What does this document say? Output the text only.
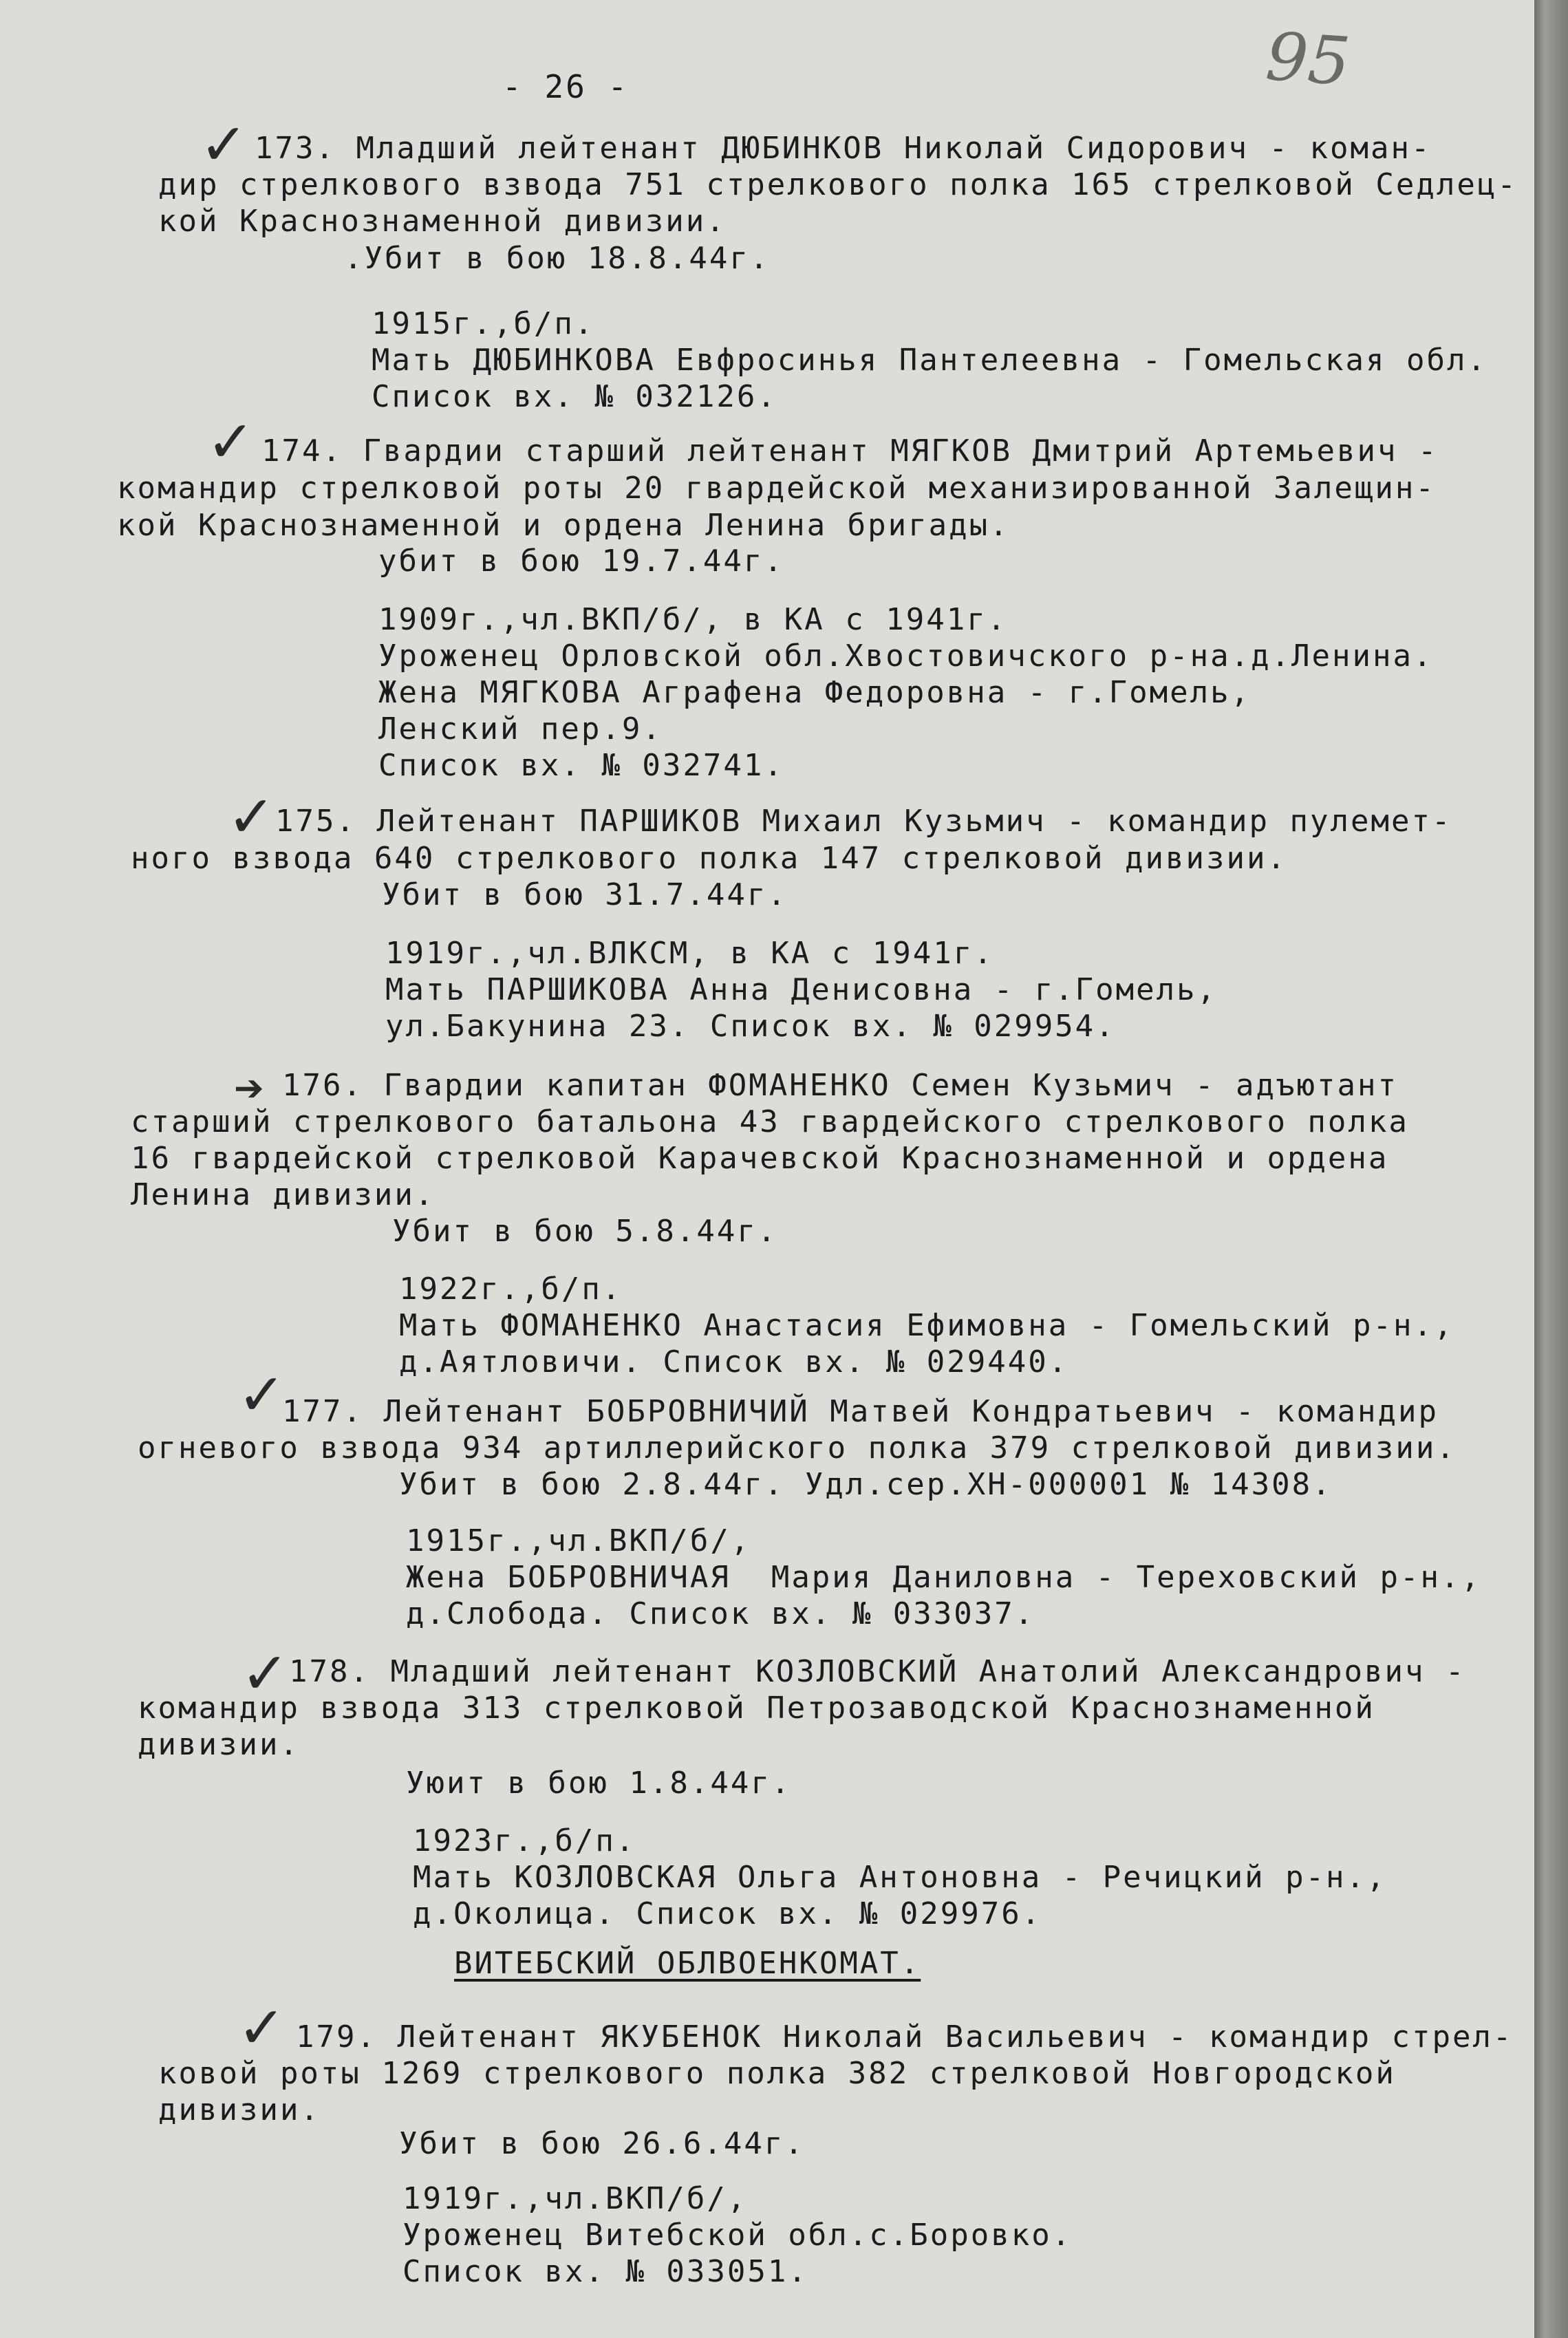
95
- 26 -
✓ 173. Младший лейтенант ДЮБИНКОВ Николай Сидорович - коман-
дир стрелкового взвода 751 стрелкового полка 165 стрелковой Седлец-
кой Краснознаменной дивизии.
.Убит в бою 18.8.44г.
1915г.,б/п.
Мать ДЮБИНКОВА Евфросинья Пантелеевна - Гомельская обл.
Список вх. № 032126.
✓ 174. Гвардии старший лейтенант МЯГКОВ Дмитрий Артемьевич -
командир стрелковой роты 20 гвардейской механизированной Залещин-
кой Краснознаменной и ордена Ленина бригады.
убит в бою 19.7.44г.
1909г.,чл.ВКП/б/, в КА с 1941г.
Уроженец Орловской обл.Хвостовичского р-на.д.Ленина.
Жена МЯГКОВА Аграфена Федоровна - г.Гомель,
Ленский пер.9.
Список вх. № 032741.
✓ 175. Лейтенант ПАРШИКОВ Михаил Кузьмич - командир пулемет-
ного взвода 640 стрелкового полка 147 стрелковой дивизии.
Убит в бою 31.7.44г.
1919г.,чл.ВЛКСМ, в КА с 1941г.
Мать ПАРШИКОВА Анна Денисовна - г.Гомель,
ул.Бакунина 23. Список вх. № 029954.
➔ 176. Гвардии капитан ФОМАНЕНКО Семен Кузьмич - адъютант
старший стрелкового батальона 43 гвардейского стрелкового полка
16 гвардейской стрелковой Карачевской Краснознаменной и ордена
Ленина дивизии.
Убит в бою 5.8.44г.
1922г.,б/п.
Мать ФОМАНЕНКО Анастасия Ефимовна - Гомельский р-н.,
д.Аятловичи. Список вх. № 029440.
✓
177. Лейтенант БОБРОВНИЧИЙ Матвей Кондратьевич - командир
огневого взвода 934 артиллерийского полка 379 стрелковой дивизии.
Убит в бою 2.8.44г. Удл.сер.ХН-000001 № 14308.
1915г.,чл.ВКП/б/,
Жена БОБРОВНИЧАЯ  Мария Даниловна - Тереховский р-н.,
д.Слобода. Список вх. № 033037.
✓ 178. Младший лейтенант КОЗЛОВСКИЙ Анатолий Александрович -
командир взвода 313 стрелковой Петрозаводской Краснознаменной
дивизии.
Уюит в бою 1.8.44г.
1923г.,б/п.
Мать КОЗЛОВСКАЯ Ольга Антоновна - Речицкий р-н.,
д.Околица. Список вх. № 029976.
ВИТЕБСКИЙ ОБЛВОЕНКОМАТ.
✓ 179. Лейтенант ЯКУБЕНОК Николай Васильевич - командир стрел-
ковой роты 1269 стрелкового полка 382 стрелковой Новгородской
дивизии.
Убит в бою 26.6.44г.
1919г.,чл.ВКП/б/,
Уроженец Витебской обл.с.Боровко.
Список вх. № 033051.
